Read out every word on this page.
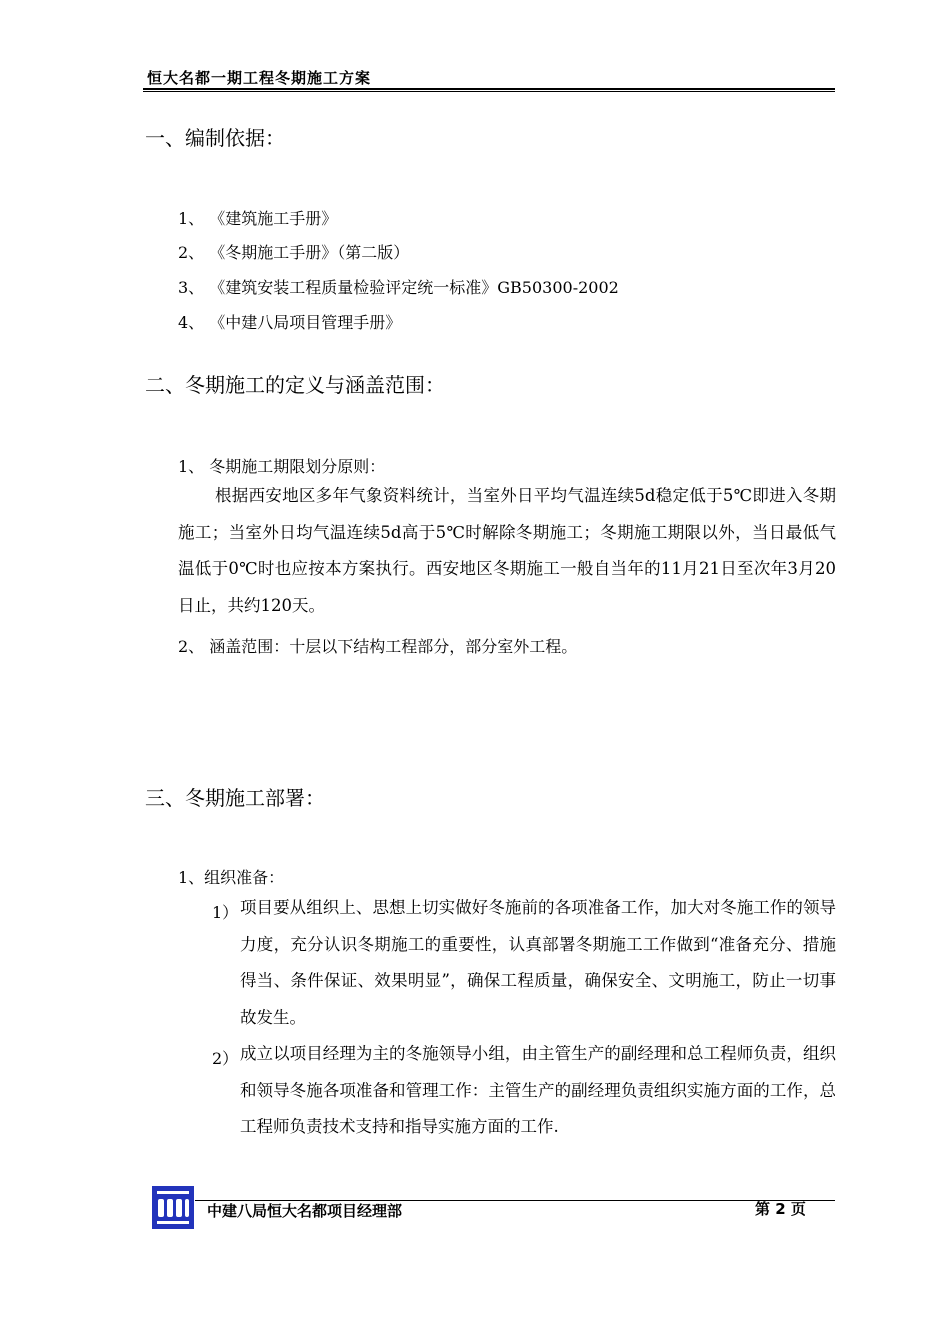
恒大名都一期工程冬期施工方案
一、编制依据：
1、 《建筑施工手册》
2、 《冬期施工手册》（第二版）
3、 《建筑安装工程质量检验评定统一标准》GB50300-2002
4、 《中建八局项目管理手册》
二、冬期施工的定义与涵盖范围：
1、 冬期施工期限划分原则：
根据西安地区多年气象资料统计，当室外日平均气温连续5d稳定低于5℃即进入冬期施工；当室外日均气温连续5d高于5℃时解除冬期施工；冬期施工期限以外，当日最低气温低于0℃时也应按本方案执行。西安地区冬期施工一般自当年的11月21日至次年3月20日止，共约120天。
2、 涵盖范围：十层以下结构工程部分，部分室外工程。
三、冬期施工部署：
1、组织准备：
1） 项目要从组织上、思想上切实做好冬施前的各项准备工作，加大对冬施工作的领导力度，充分认识冬期施工的重要性，认真部署冬期施工工作做到“准备充分、措施得当、条件保证、效果明显”，确保工程质量，确保安全、文明施工，防止一切事故发生。
2） 成立以项目经理为主的冬施领导小组，由主管生产的副经理和总工程师负责，组织和领导冬施各项准备和管理工作：主管生产的副经理负责组织实施方面的工作，总工程师负责技术支持和指导实施方面的工作.
中建八局恒大名都项目经理部	第 2 页
